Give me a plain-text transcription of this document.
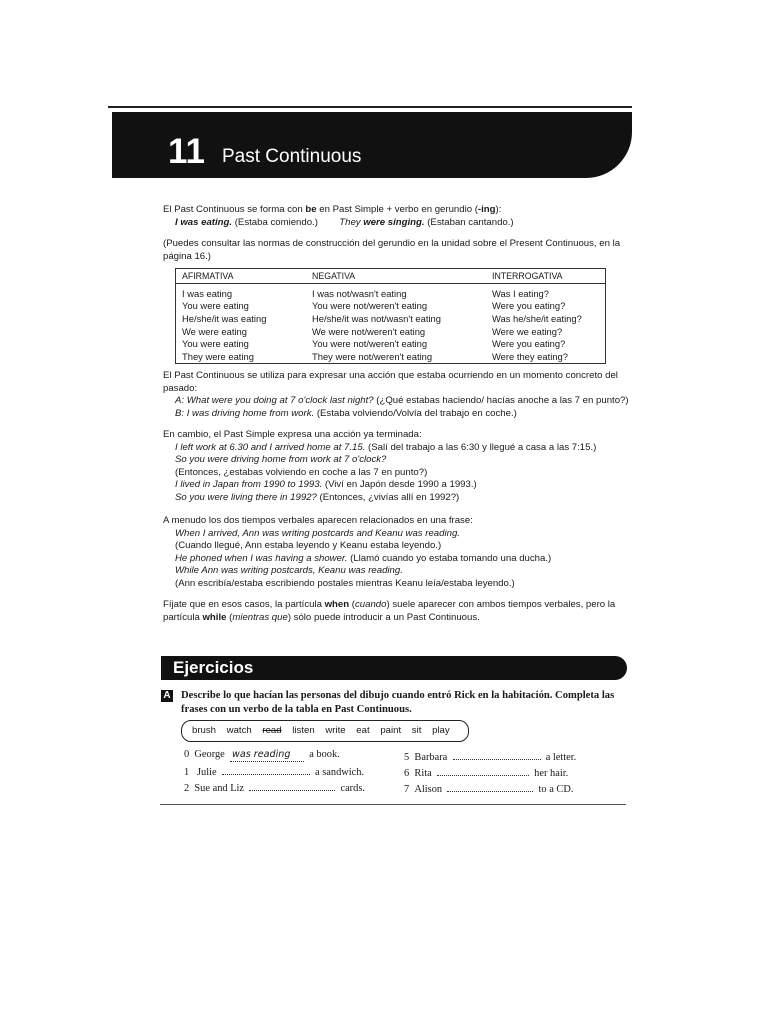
11 Past Continuous
El Past Continuous se forma con be en Past Simple + verbo en gerundio (-ing):
I was eating. (Estaba comiendo.) They were singing. (Estaban cantando.)
(Puedes consultar las normas de construcción del gerundio en la unidad sobre el Present Continuous, en la página 16.)
AFIRMATIVA	NEGATIVA	INTERROGATIVA
I was eating	I was not/wasn't eating	Was I eating?
You were eating	You were not/weren't eating	Were you eating?
He/she/it was eating	He/she/it was not/wasn't eating	Was he/she/it eating?
We were eating	We were not/weren't eating	Were we eating?
You were eating	You were not/weren't eating	Were you eating?
They were eating	They were not/weren't eating	Were they eating?
El Past Continuous se utiliza para expresar una acción que estaba ocurriendo en un momento concreto del pasado:
A: What were you doing at 7 o'clock last night? (¿Qué estabas haciendo/ hacías anoche a las 7 en punto?)
B: I was driving home from work. (Estaba volviendo/Volvía del trabajo en coche.)
En cambio, el Past Simple expresa una acción ya terminada:
I left work at 6.30 and I arrived home at 7.15. (Salí del trabajo a las 6:30 y llegué a casa a las 7:15.)
So you were driving home from work at 7 o'clock?
(Entonces, ¿estabas volviendo en coche a las 7 en punto?)
I lived in Japan from 1990 to 1993. (Viví en Japón desde 1990 a 1993.)
So you were living there in 1992? (Entonces, ¿vivías allí en 1992?)
A menudo los dos tiempos verbales aparecen relacionados en una frase:
When I arrived, Ann was writing postcards and Keanu was reading.
(Cuando llegué, Ann estaba leyendo y Keanu estaba leyendo.)
He phoned when I was having a shower. (Llamó cuando yo estaba tomando una ducha.)
While Ann was writing postcards, Keanu was reading.
(Ann escribía/estaba escribiendo postales mientras Keanu leía/estaba leyendo.)
Fíjate que en esos casos, la partícula when (cuando) suele aparecer con ambos tiempos verbales, pero la partícula while (mientras que) sólo puede introducir a un Past Continuous.
Ejercicios
A Describe lo que hacían las personas del dibujo cuando entró Rick en la habitación. Completa las frases con un verbo de la tabla en Past Continuous.
brush watch read listen write eat paint sit play
0 George was reading a book.
1 Julie	a sandwich.
2 Sue and Liz	cards.
5 Barbara	a letter.
6 Rita	her hair.
7 Alison	to a CD.
